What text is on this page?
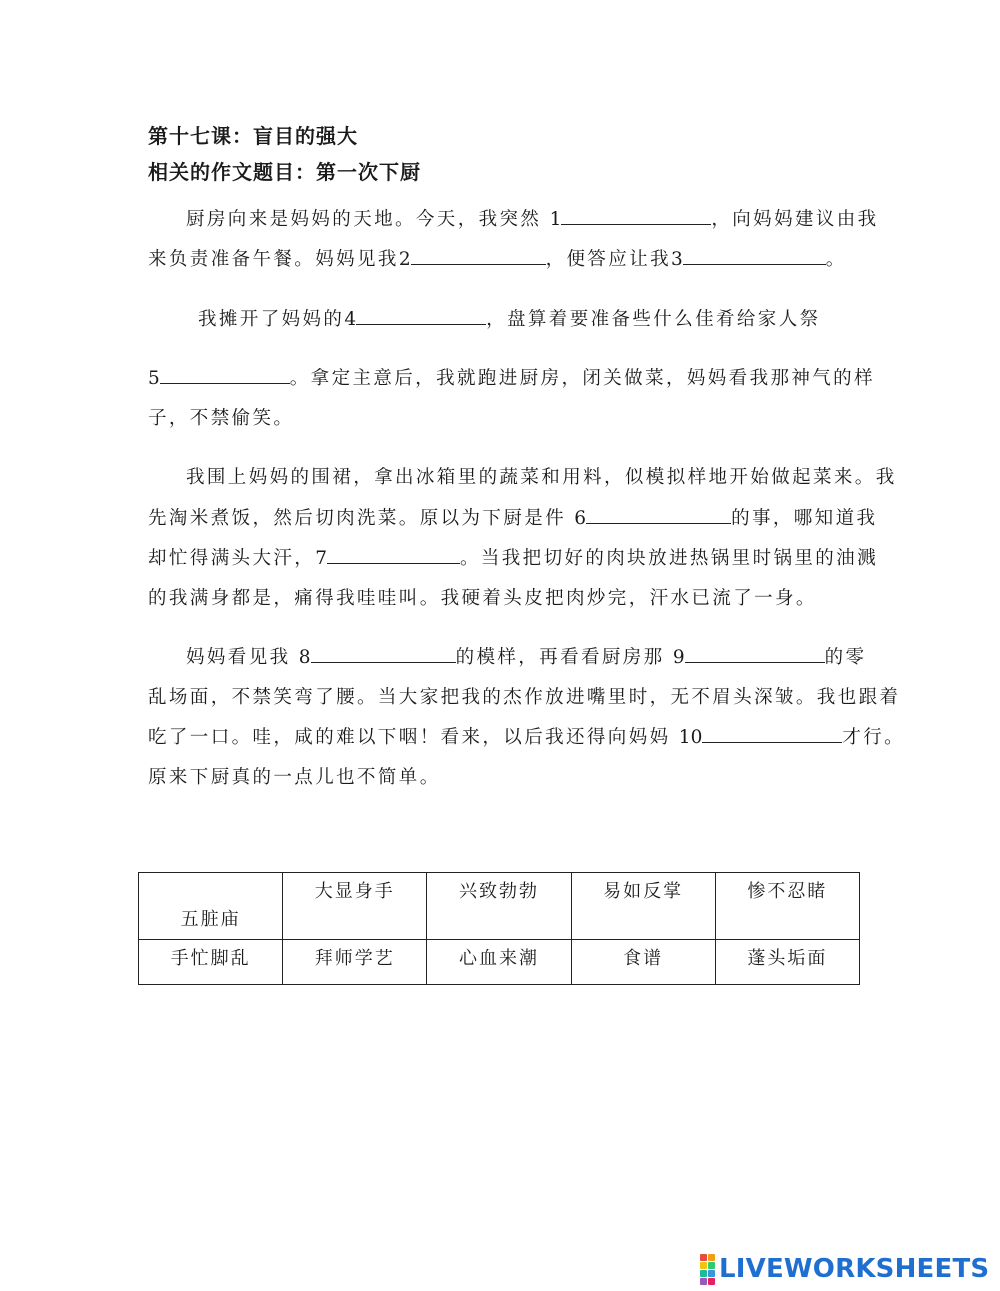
第十七课：盲目的强大
相关的作文题目：第一次下厨
厨房向来是妈妈的天地。今天，我突然 1	，向妈妈建议由我
来负责准备午餐。妈妈见我2	，便答应让我3	。
我摊开了妈妈的4	，盘算着要准备些什么佳肴给家人祭
5	。拿定主意后，我就跑进厨房，闭关做菜，妈妈看我那神气的样
子，不禁偷笑。
我围上妈妈的围裙，拿出冰箱里的蔬菜和用料，似模拟样地开始做起菜来。我
先淘米煮饭，然后切肉洗菜。原以为下厨是件 6	的事，哪知道我
却忙得满头大汗，7	。当我把切好的肉块放进热锅里时锅里的油溅
的我满身都是，痛得我哇哇叫。我硬着头皮把肉炒完，汗水已流了一身。
妈妈看见我 8	的模样，再看看厨房那 9	的零
乱场面，不禁笑弯了腰。当大家把我的杰作放进嘴里时，无不眉头深皱。我也跟着
吃了一口。哇，咸的难以下咽！看来，以后我还得向妈妈 10	才行。
原来下厨真的一点儿也不简单。
五脏庙	大显身手	兴致勃勃	易如反掌	惨不忍睹
手忙脚乱	拜师学艺	心血来潮	食谱	蓬头垢面
LIVEWORKSHEETS
